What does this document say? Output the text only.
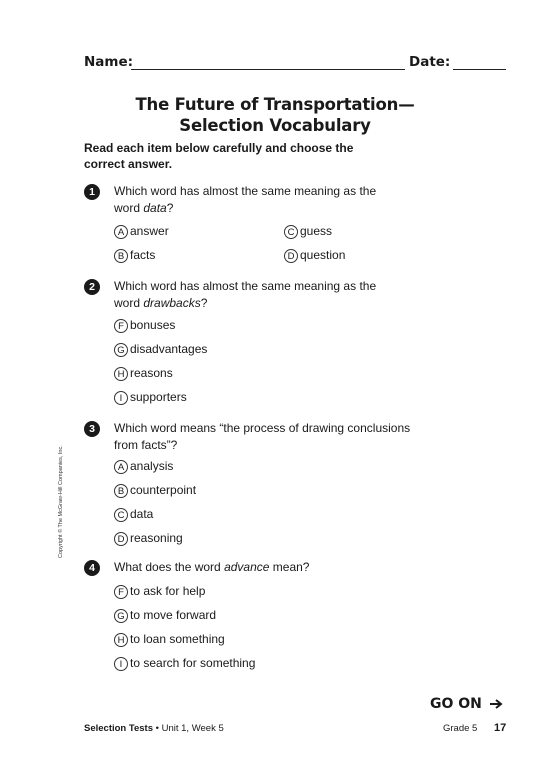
Name:	Date:
The Future of Transportation—
Selection Vocabulary
Read each item below carefully and choose the
correct answer.
1	Which word has almost the same meaning as the
word data?
A answer	C guess
B facts	D question
2	Which word has almost the same meaning as the
word drawbacks?
F bonuses
G disadvantages
H reasons
I supporters
3	Which word means “the process of drawing conclusions
from facts”?
A analysis
B counterpoint
C data
D reasoning
Copyright © The McGraw-Hill Companies, Inc.
4	What does the word advance mean?
F to ask for help
G to move forward
H to loan something
I to search for something
GO ON
Selection Tests • Unit 1, Week 5	Grade 5 17
